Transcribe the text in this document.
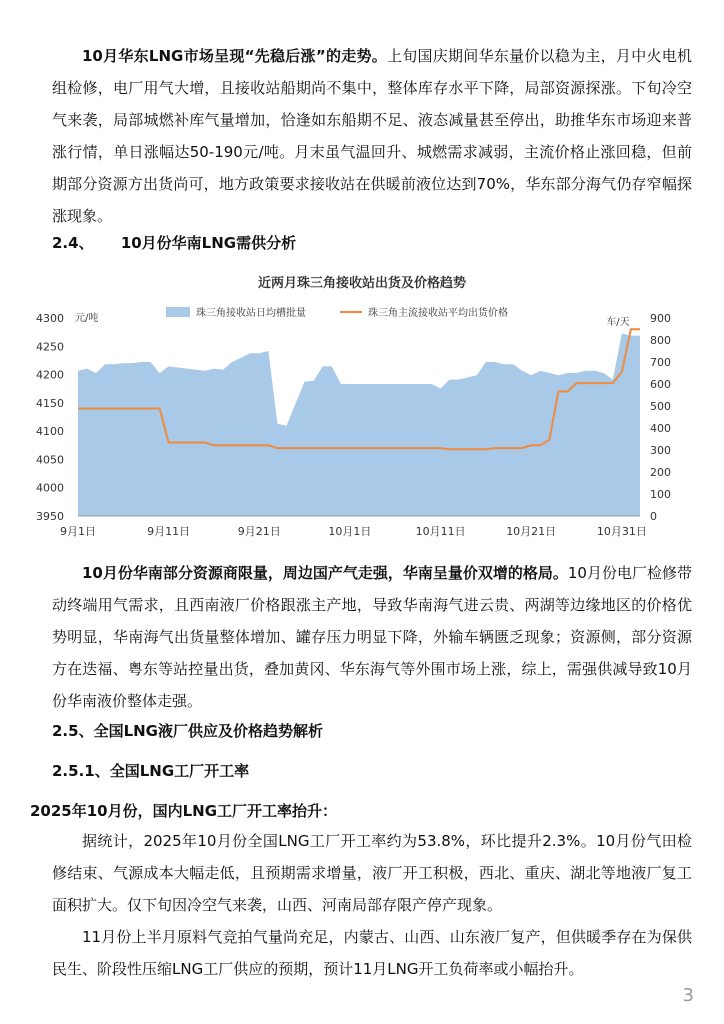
10月华东LNG市场呈现“先稳后涨”的走势。上旬国庆期间华东量价以稳为主，月中火电机组检修，电厂用气大增，且接收站船期尚不集中，整体库存水平下降，局部资源探涨。下旬冷空气来袭，局部城燃补库气量增加，恰逢如东船期不足、液态减量甚至停出，助推华东市场迎来普涨行情，单日涨幅达50-190元/吨。月末虽气温回升、城燃需求减弱，主流价格止涨回稳，但前期部分资源方出货尚可，地方政策要求接收站在供暖前液位达到70%，华东部分海气仍存窄幅探涨现象。

2.4、 10月份华南LNG需供分析
近两月珠三角接收站出货及价格趋势
元/吨	车/天
珠三角接收站日均槽批量	珠三角主流接收站平均出货价格
3950
4000
4050
4100
4150
4200
4250
4300
0
100
200
300
400
500
600
700
800
900
9月1日	9月11日	9月21日	10月1日	10月11日	10月21日	10月31日

10月份华南部分资源商限量，周边国产气走强，华南呈量价双增的格局。10月份电厂检修带动终端用气需求，且西南液厂价格跟涨主产地，导致华南海气进云贵、两湖等边缘地区的价格优势明显，华南海气出货量整体增加、罐存压力明显下降，外输车辆匮乏现象；资源侧，部分资源方在迭福、粤东等站控量出货，叠加黄冈、华东海气等外围市场上涨，综上，需强供减导致10月份华南液价整体走强。

2.5、全国LNG液厂供应及价格趋势解析
2.5.1、全国LNG工厂开工率
2025年10月份，国内LNG工厂开工率抬升：

据统计，2025年10月份全国LNG工厂开工率约为53.8%，环比提升2.3%。10月份气田检修结束、气源成本大幅走低，且预期需求增量，液厂开工积极，西北、重庆、湖北等地液厂复工面积扩大。仅下旬因冷空气来袭，山西、河南局部存限产停产现象。

11月份上半月原料气竞拍气量尚充足，内蒙古、山西、山东液厂复产，但供暖季存在为保供民生、阶段性压缩LNG工厂供应的预期，预计11月LNG开工负荷率或小幅抬升。

3
